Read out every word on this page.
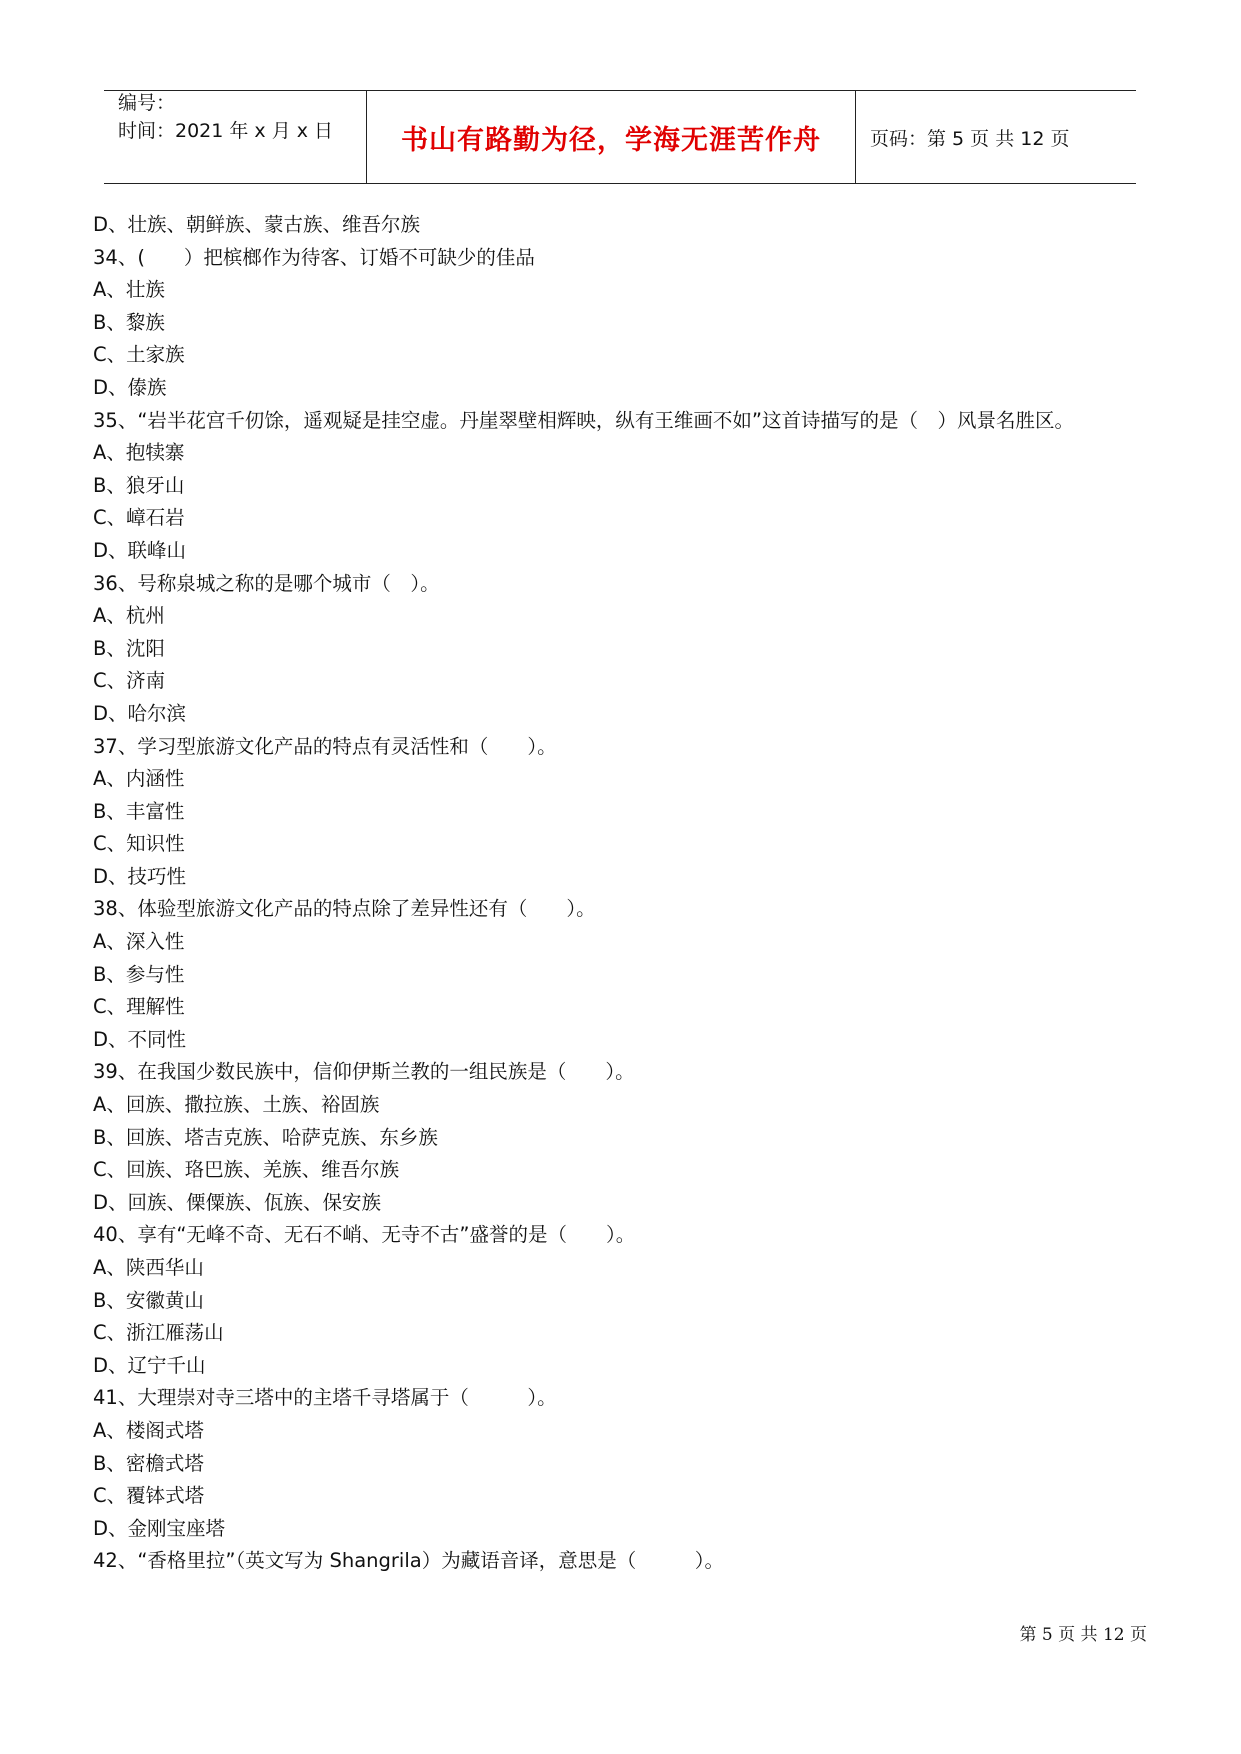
编号：
时间：2021 年 x 月 x 日	书山有路勤为径，学海无涯苦作舟	页码：第 5 页 共 12 页
D、壮族、朝鲜族、蒙古族、维吾尔族
34、(　　）把槟榔作为待客、订婚不可缺少的佳品
A、壮族
B、黎族
C、土家族
D、傣族
35、“岩半花宫千仞馀，遥观疑是挂空虚。丹崖翠壁相辉映，纵有王维画不如”这首诗描写的是（　）风景名胜区。
A、抱犊寨
B、狼牙山
C、嶂石岩
D、联峰山
36、号称泉城之称的是哪个城市（　）。
A、杭州
B、沈阳
C、济南
D、哈尔滨
37、学习型旅游文化产品的特点有灵活性和（　　）。
A、内涵性
B、丰富性
C、知识性
D、技巧性
38、体验型旅游文化产品的特点除了差异性还有（　　）。
A、深入性
B、参与性
C、理解性
D、不同性
39、在我国少数民族中，信仰伊斯兰教的一组民族是（　　）。
A、回族、撒拉族、土族、裕固族
B、回族、塔吉克族、哈萨克族、东乡族
C、回族、珞巴族、羌族、维吾尔族
D、回族、傈僳族、佤族、保安族
40、享有“无峰不奇、无石不峭、无寺不古”盛誉的是（　　）。
A、陕西华山
B、安徽黄山
C、浙江雁荡山
D、辽宁千山
41、大理崇对寺三塔中的主塔千寻塔属于（　　　）。
A、楼阁式塔
B、密檐式塔
C、覆钵式塔
D、金刚宝座塔
42、“香格里拉”（英文写为 Shangrila）为藏语音译，意思是（　　　）。
第 5 页 共 12 页
